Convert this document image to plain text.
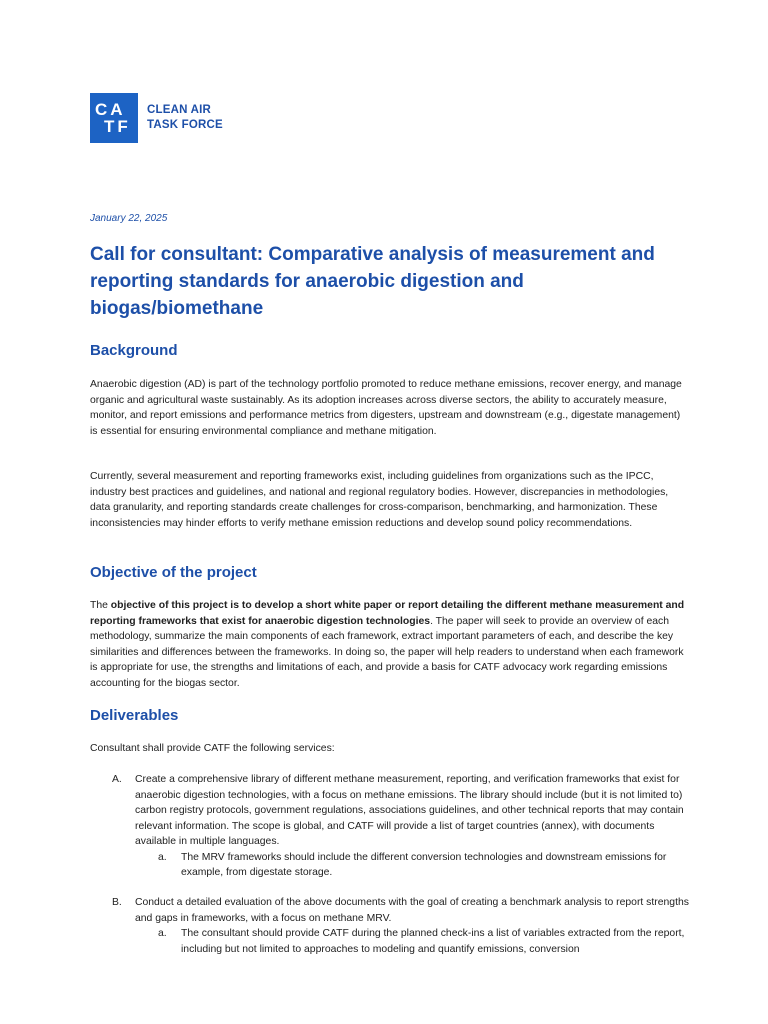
CA
TF
CLEAN AIR
TASK FORCE
January 22, 2025
Call for consultant: Comparative analysis of measurement and reporting standards for anaerobic digestion and biogas/biomethane
Background

Anaerobic digestion (AD) is part of the technology portfolio promoted to reduce methane emissions, recover energy, and manage organic and agricultural waste sustainably. As its adoption increases across diverse sectors, the ability to accurately measure, monitor, and report emissions and performance metrics from digesters, upstream and downstream (e.g., digestate management) is essential for ensuring environmental compliance and methane mitigation.

Currently, several measurement and reporting frameworks exist, including guidelines from organizations such as the IPCC, industry best practices and guidelines, and national and regional regulatory bodies. However, discrepancies in methodologies, data granularity, and reporting standards create challenges for cross-comparison, benchmarking, and harmonization. These inconsistencies may hinder efforts to verify methane emission reductions and develop sound policy recommendations.

Objective of the project

The objective of this project is to develop a short white paper or report detailing the different methane measurement and reporting frameworks that exist for anaerobic digestion technologies. The paper will seek to provide an overview of each methodology, summarize the main components of each framework, extract important parameters of each, and describe the key similarities and differences between the frameworks. In doing so, the paper will help readers to understand when each framework is appropriate for use, the strengths and limitations of each, and provide a basis for CATF advocacy work regarding emissions accounting for the biogas sector.

Deliverables

Consultant shall provide CATF the following services:

A. Create a comprehensive library of different methane measurement, reporting, and verification frameworks that exist for anaerobic digestion technologies, with a focus on methane emissions. The library should include (but it is not limited to) carbon registry protocols, government regulations, associations guidelines, and other technical reports that may contain relevant information. The scope is global, and CATF will provide a list of target countries (annex), with documents available in multiple languages.
a. The MRV frameworks should include the different conversion technologies and downstream emissions for example, from digestate storage.
B. Conduct a detailed evaluation of the above documents with the goal of creating a benchmark analysis to report strengths and gaps in frameworks, with a focus on methane MRV.
a. The consultant should provide CATF during the planned check-ins a list of variables extracted from the report, including but not limited to approaches to modeling and quantify emissions, conversion
